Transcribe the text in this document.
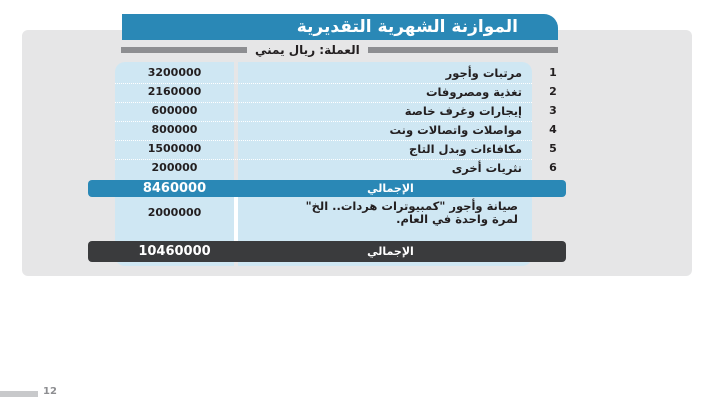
الموازنة الشهرية التقديرية
العملة: ريال يمني
3200000	مرتبات وأجور	1
2160000	تغذية ومصروفات	2
600000	إيجارات وغرف خاصة	3
800000	مواصلات واتصالات ونت	4
1500000	مكافاءات وبدل التاج	5
200000	نثريات أخرى	6
8460000	الإجمالي
2000000	صيانة وأجور "كمبيوترات هردات.. الخ" لمرة واحدة في العام.
10460000	الإجمالي
12
